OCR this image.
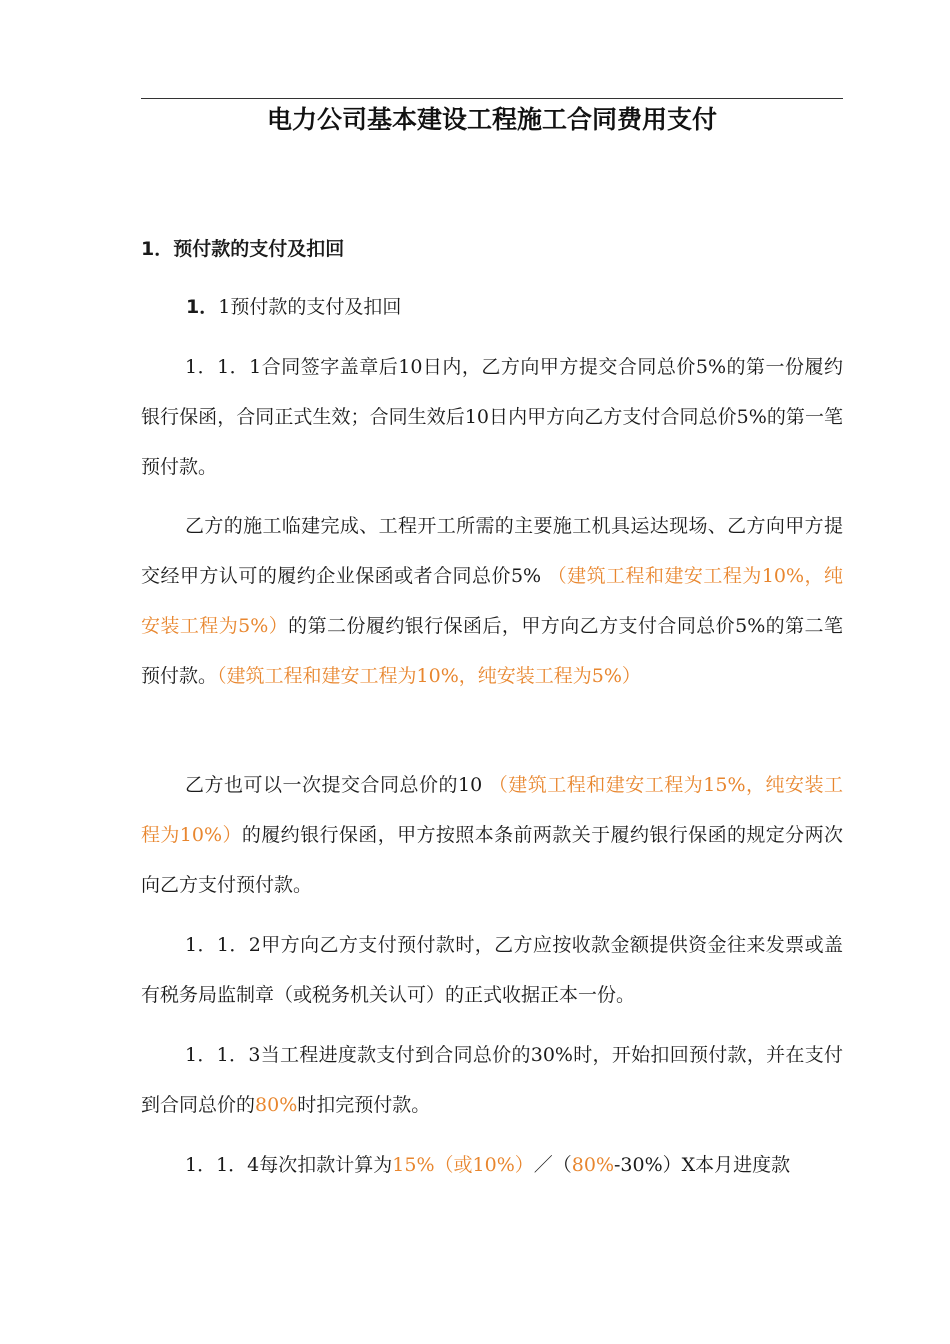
电力公司基本建设工程施工合同费用支付
1．预付款的支付及扣回
1．1预付款的支付及扣回

1．1．1合同签字盖章后10日内，乙方向甲方提交合同总价5%的第一份履约银行保函，合同正式生效；合同生效后10日内甲方向乙方支付合同总价5%的第一笔预付款。

乙方的施工临建完成、工程开工所需的主要施工机具运达现场、乙方向甲方提交经甲方认可的履约企业保函或者合同总价5% （建筑工程和建安工程为10%，纯安装工程为5%）的第二份履约银行保函后，甲方向乙方支付合同总价5%的第二笔预付款。（建筑工程和建安工程为10%，纯安装工程为5%）

乙方也可以一次提交合同总价的10 （建筑工程和建安工程为15%，纯安装工程为10%）的履约银行保函，甲方按照本条前两款关于履约银行保函的规定分两次向乙方支付预付款。

1．1．2甲方向乙方支付预付款时，乙方应按收款金额提供资金往来发票或盖有税务局监制章（或税务机关认可）的正式收据正本一份。

1．1．3当工程进度款支付到合同总价的30%时，开始扣回预付款，并在支付到合同总价的80%时扣完预付款。

1．1．4每次扣款计算为15%（或10%）／（80%-30%）X本月进度款
